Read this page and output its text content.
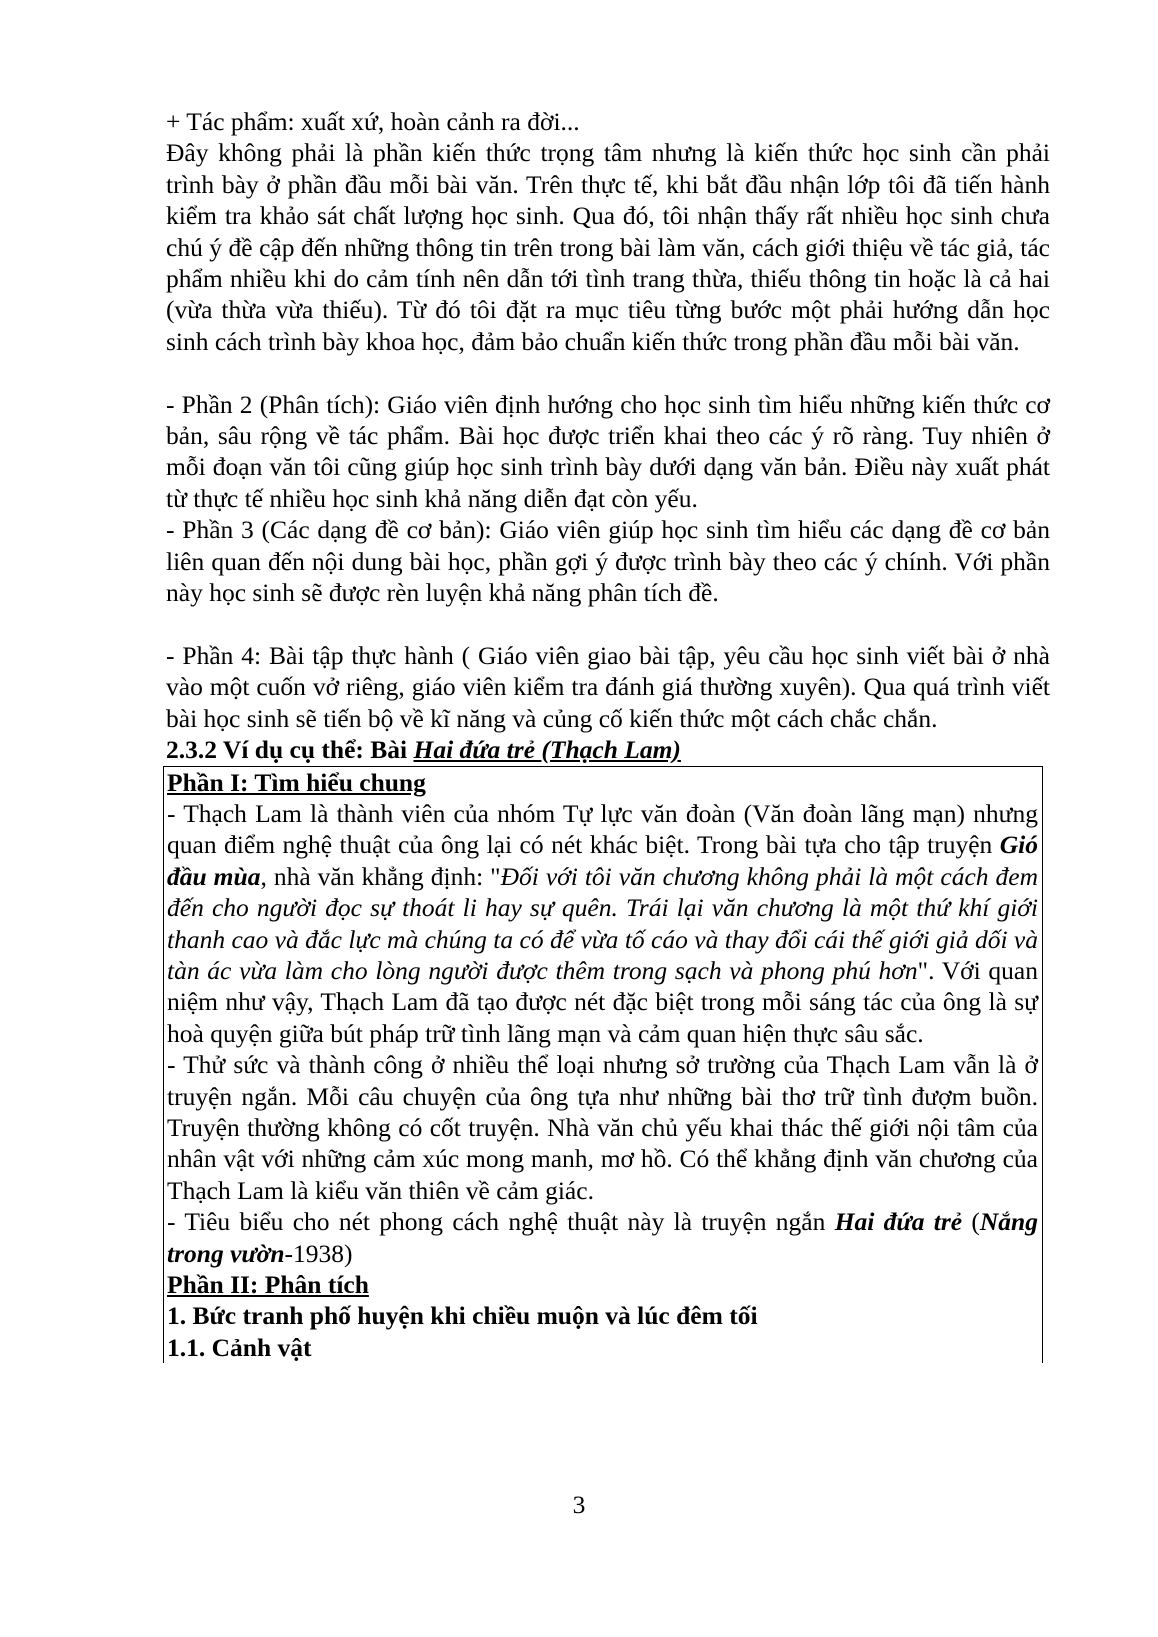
+ Tác phẩm: xuất xứ, hoàn cảnh ra đời...

Đây không phải là phần kiến thức trọng tâm nhưng là kiến thức học sinh cần phải trình bày ở phần đầu mỗi bài văn. Trên thực tế, khi bắt đầu nhận lớp tôi đã tiến hành kiểm tra khảo sát chất lượng học sinh. Qua đó, tôi nhận thấy rất nhiều học sinh chưa chú ý đề cập đến những thông tin trên trong bài làm văn, cách giới thiệu về tác giả, tác phẩm nhiều khi do cảm tính nên dẫn tới tình trang thừa, thiếu thông tin hoặc là cả hai (vừa thừa vừa thiếu). Từ đó tôi đặt ra mục tiêu từng bước một phải hướng dẫn học sinh cách trình bày khoa học, đảm bảo chuẩn kiến thức trong phần đầu mỗi bài văn.

- Phần 2 (Phân tích): Giáo viên định hướng cho học sinh tìm hiểu những kiến thức cơ bản, sâu rộng về tác phẩm. Bài học được triển khai theo các ý rõ ràng. Tuy nhiên ở mỗi đoạn văn tôi cũng giúp học sinh trình bày dưới dạng văn bản. Điều này xuất phát từ thực tế nhiều học sinh khả năng diễn đạt còn yếu.

- Phần 3 (Các dạng đề cơ bản): Giáo viên giúp học sinh tìm hiểu các dạng đề cơ bản liên quan đến nội dung bài học, phần gợi ý được trình bày theo các ý chính. Với phần này học sinh sẽ được rèn luyện khả năng phân tích đề.

- Phần 4: Bài tập thực hành ( Giáo viên giao bài tập, yêu cầu học sinh viết bài ở nhà vào một cuốn vở riêng, giáo viên kiểm tra đánh giá thường xuyên). Qua quá trình viết bài học sinh sẽ tiến bộ về kĩ năng và củng cố kiến thức một cách chắc chắn.

2.3.2 Ví dụ cụ thể: Bài Hai đứa trẻ (Thạch Lam)

Phần I: Tìm hiểu chung

- Thạch Lam là thành viên của nhóm Tự lực văn đoàn (Văn đoàn lãng mạn) nhưng quan điểm nghệ thuật của ông lại có nét khác biệt. Trong bài tựa cho tập truyện Gió đầu mùa, nhà văn khẳng định: "Đối với tôi văn chương không phải là một cách đem đến cho người đọc sự thoát li hay sự quên. Trái lại văn chương là một thứ khí giới thanh cao và đắc lực mà chúng ta có để vừa tố cáo và thay đổi cái thế giới giả dối và tàn ác vừa làm cho lòng người được thêm trong sạch và phong phú hơn". Với quan niệm như vậy, Thạch Lam đã tạo được nét đặc biệt trong mỗi sáng tác của ông là sự hoà quyện giữa bút pháp trữ tình lãng mạn và cảm quan hiện thực sâu sắc.

- Thử sức và thành công ở nhiều thể loại nhưng sở trường của Thạch Lam vẫn là ở truyện ngắn. Mỗi câu chuyện của ông tựa như những bài thơ trữ tình đượm buồn. Truyện thường không có cốt truyện. Nhà văn chủ yếu khai thác thế giới nội tâm của nhân vật với những cảm xúc mong manh, mơ hồ. Có thể khẳng định văn chương của Thạch Lam là kiểu văn thiên về cảm giác.

- Tiêu biểu cho nét phong cách nghệ thuật này là truyện ngắn Hai đứa trẻ (Nắng trong vườn-1938)

Phần II: Phân tích

1. Bức tranh phố huyện khi chiều muộn và lúc đêm tối

1.1. Cảnh vật

3
